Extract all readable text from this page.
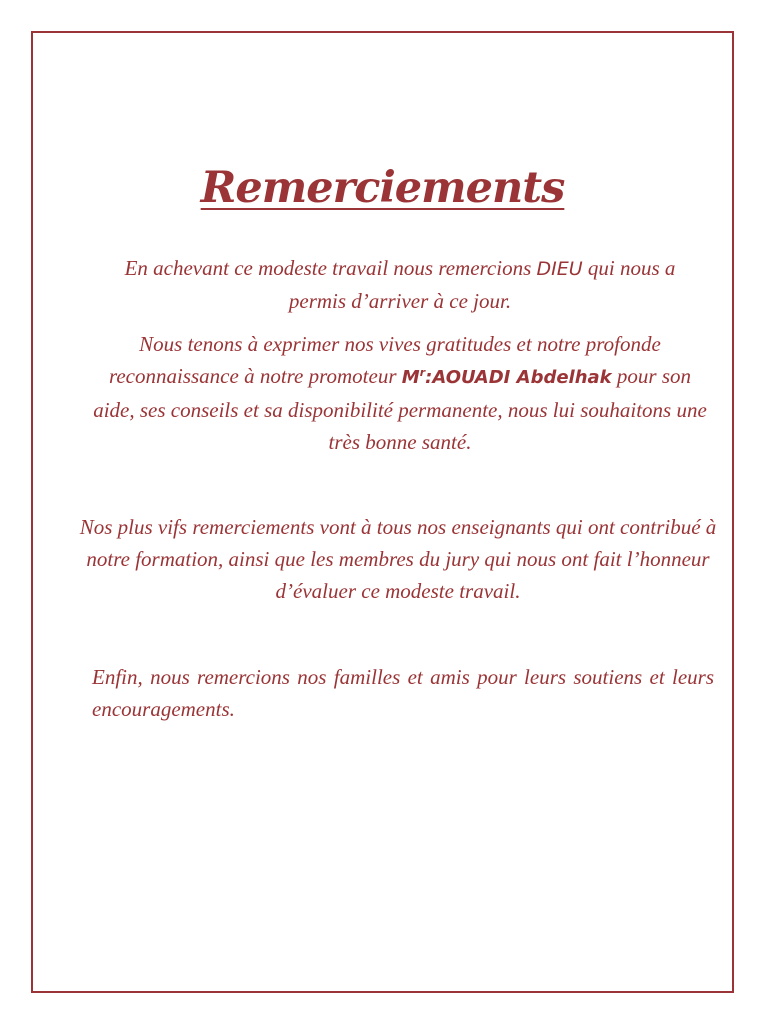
Remerciements

En achevant ce modeste travail nous remercions DIEU qui nous a permis d’arriver à ce jour.

Nous tenons à exprimer nos vives gratitudes et notre profonde reconnaissance à notre promoteur $M^r:AOUADI$ Abdelhak pour son aide, ses conseils et sa disponibilité permanente, nous lui souhaitons une très bonne santé.

Nos plus vifs remerciements vont à tous nos enseignants qui ont contribué à notre formation, ainsi que les membres du jury qui nous ont fait l’honneur d’évaluer ce modeste travail.

Enfin, nous remercions nos familles et amis pour leurs soutiens et leurs encouragements.
